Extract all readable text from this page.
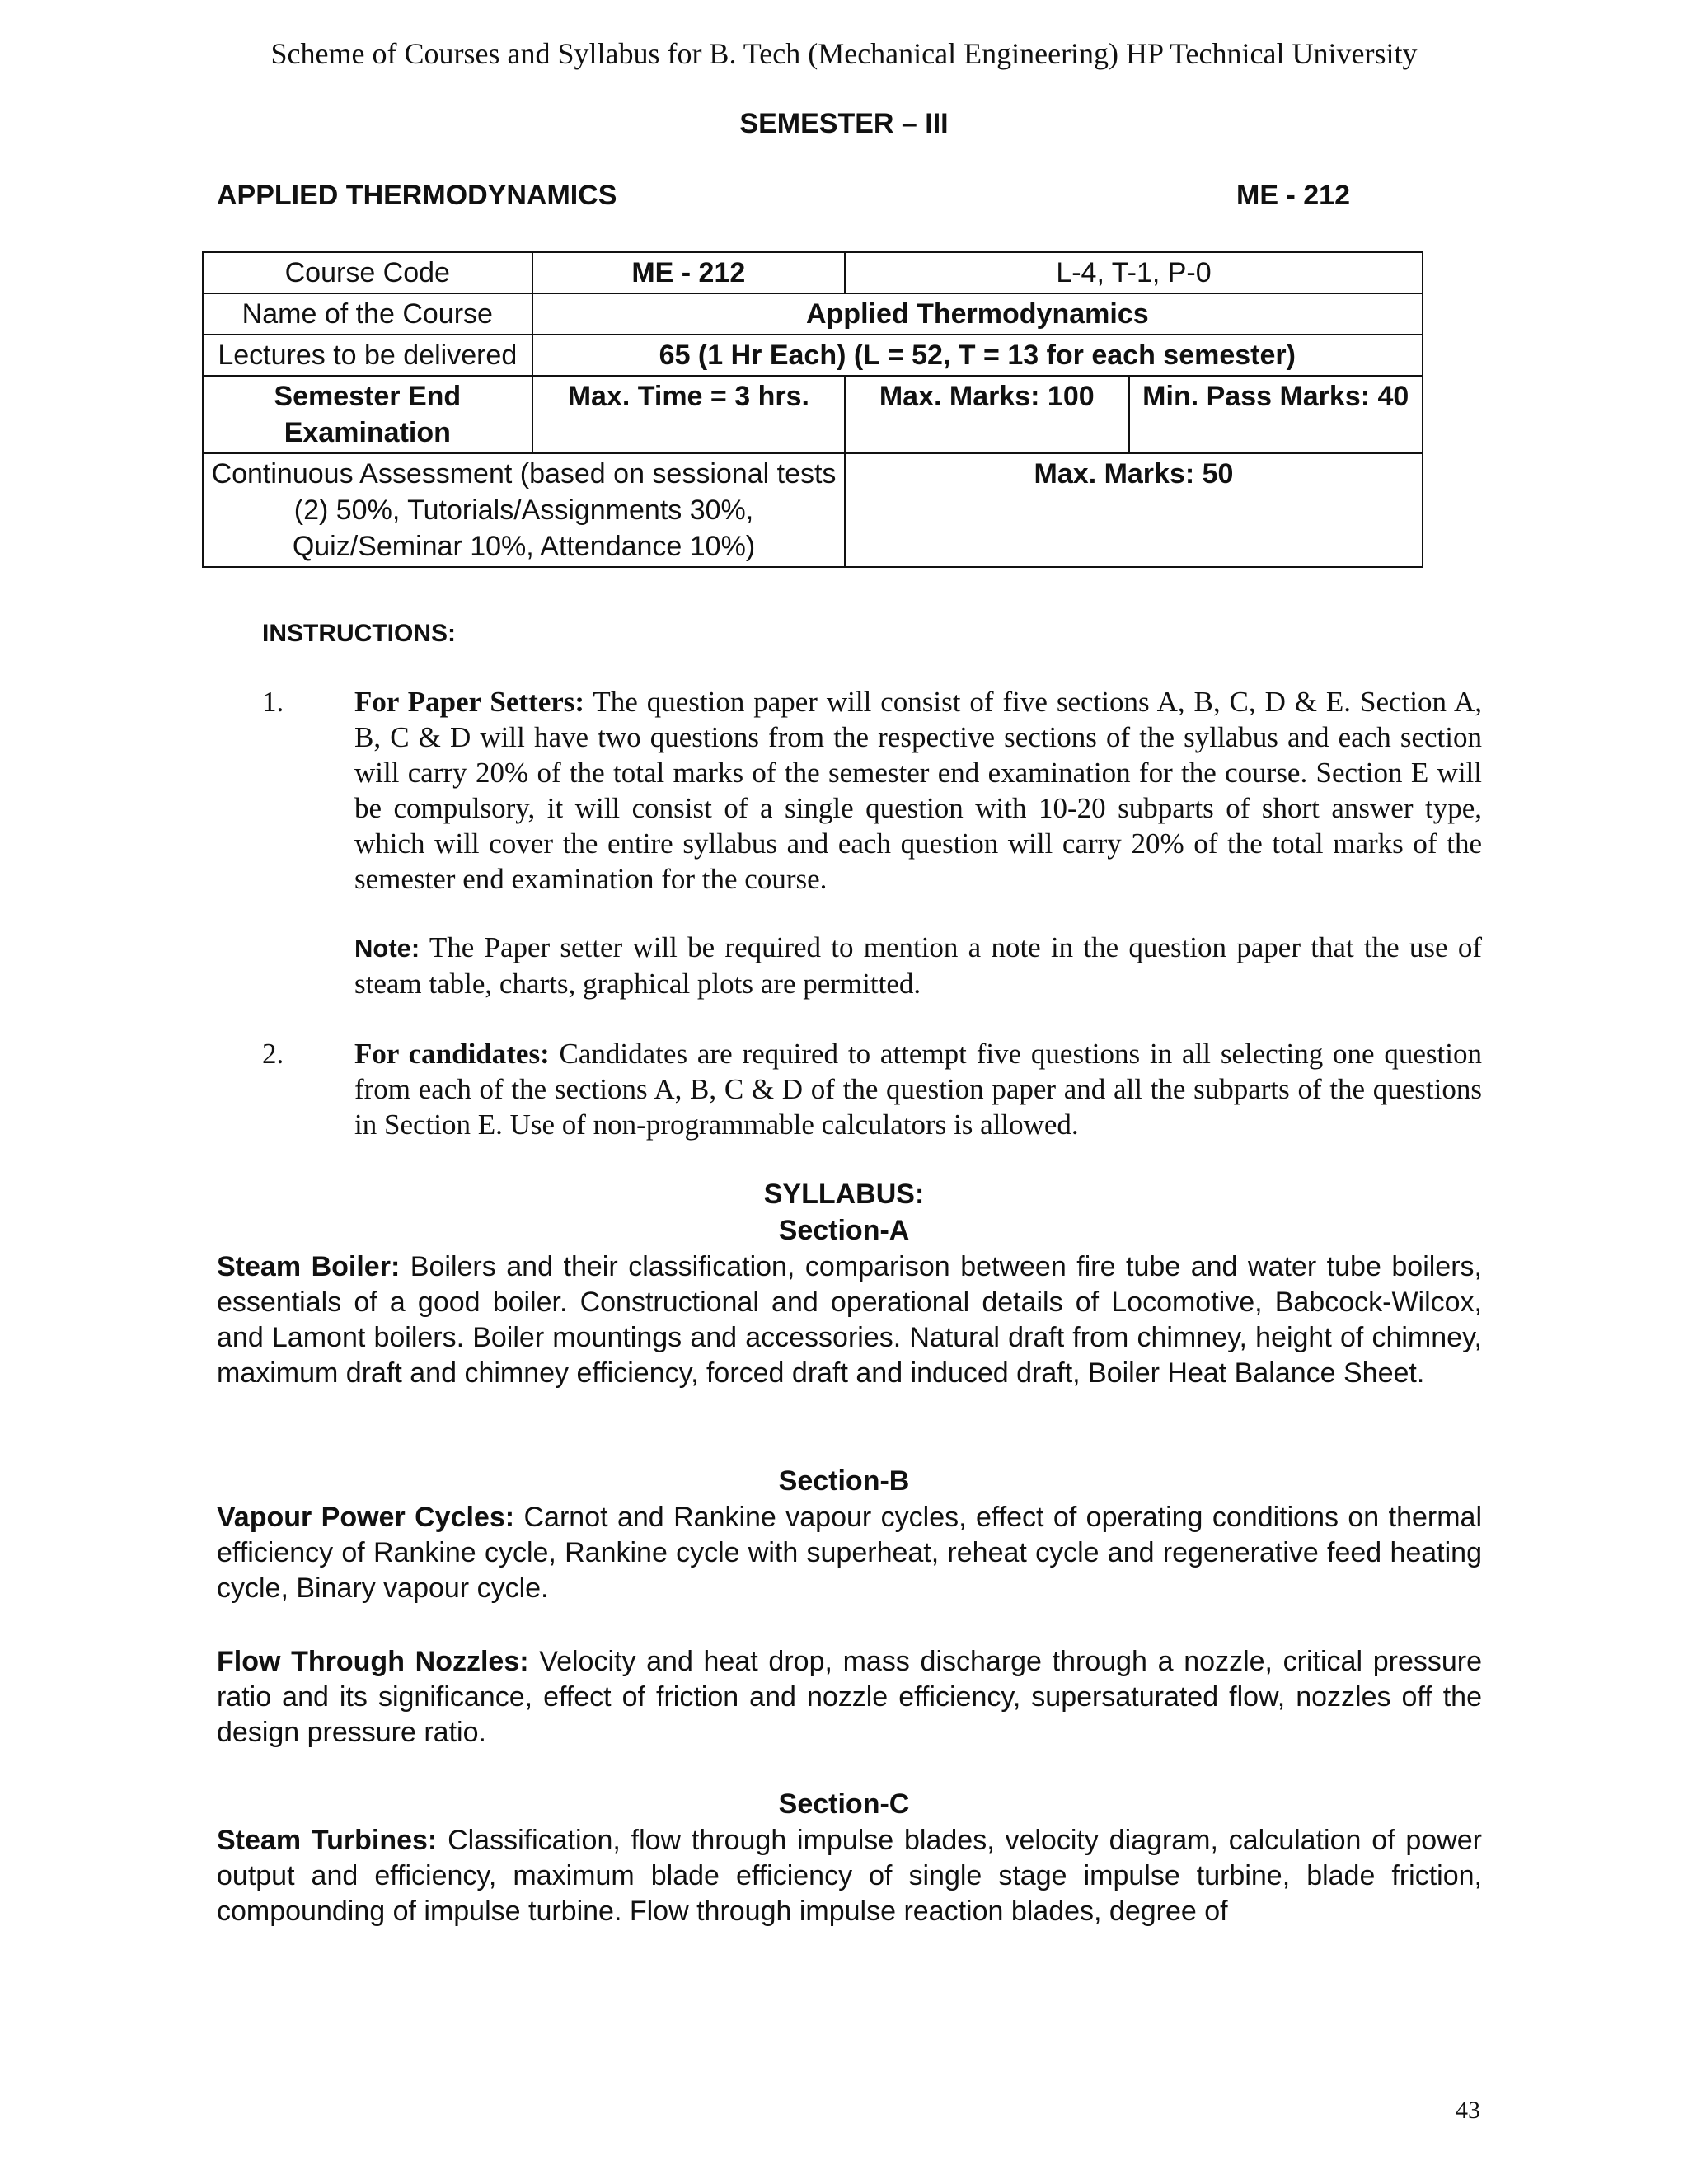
Scheme of Courses and Syllabus for B. Tech (Mechanical Engineering) HP Technical University
SEMESTER – III
APPLIED THERMODYNAMICS	ME - 212
Course Code	ME - 212	L-4, T-1, P-0	
Name of the Course	Applied Thermodynamics		
Lectures to be delivered	65 (1 Hr Each) (L = 52, T = 13 for each semester)		
Semester End Examination	Max. Time = 3 hrs.	Max. Marks: 100	Min. Pass Marks: 40
Continuous Assessment (based on sessional tests (2) 50%, Tutorials/Assignments 30%, Quiz/Seminar 10%, Attendance 10%)		Max. Marks: 50	
INSTRUCTIONS:
1. For Paper Setters: The question paper will consist of five sections A, B, C, D & E. Section A, B, C & D will have two questions from the respective sections of the syllabus and each section will carry 20% of the total marks of the semester end examination for the course. Section E will be compulsory, it will consist of a single question with 10-20 subparts of short answer type, which will cover the entire syllabus and each question will carry 20% of the total marks of the semester end examination for the course.
Note: The Paper setter will be required to mention a note in the question paper that the use of steam table, charts, graphical plots are permitted.
2. For candidates: Candidates are required to attempt five questions in all selecting one question from each of the sections A, B, C & D of the question paper and all the subparts of the questions in Section E. Use of non-programmable calculators is allowed.
SYLLABUS:
Section-A
Steam Boiler: Boilers and their classification, comparison between fire tube and water tube boilers, essentials of a good boiler. Constructional and operational details of Locomotive, Babcock-Wilcox, and Lamont boilers. Boiler mountings and accessories. Natural draft from chimney, height of chimney, maximum draft and chimney efficiency, forced draft and induced draft, Boiler Heat Balance Sheet.
Section-B
Vapour Power Cycles: Carnot and Rankine vapour cycles, effect of operating conditions on thermal efficiency of Rankine cycle, Rankine cycle with superheat, reheat cycle and regenerative feed heating cycle, Binary vapour cycle.
Flow Through Nozzles: Velocity and heat drop, mass discharge through a nozzle, critical pressure ratio and its significance, effect of friction and nozzle efficiency, supersaturated flow, nozzles off the design pressure ratio.
Section-C
Steam Turbines: Classification, flow through impulse blades, velocity diagram, calculation of power output and efficiency, maximum blade efficiency of single stage impulse turbine, blade friction, compounding of impulse turbine. Flow through impulse reaction blades, degree of
43
